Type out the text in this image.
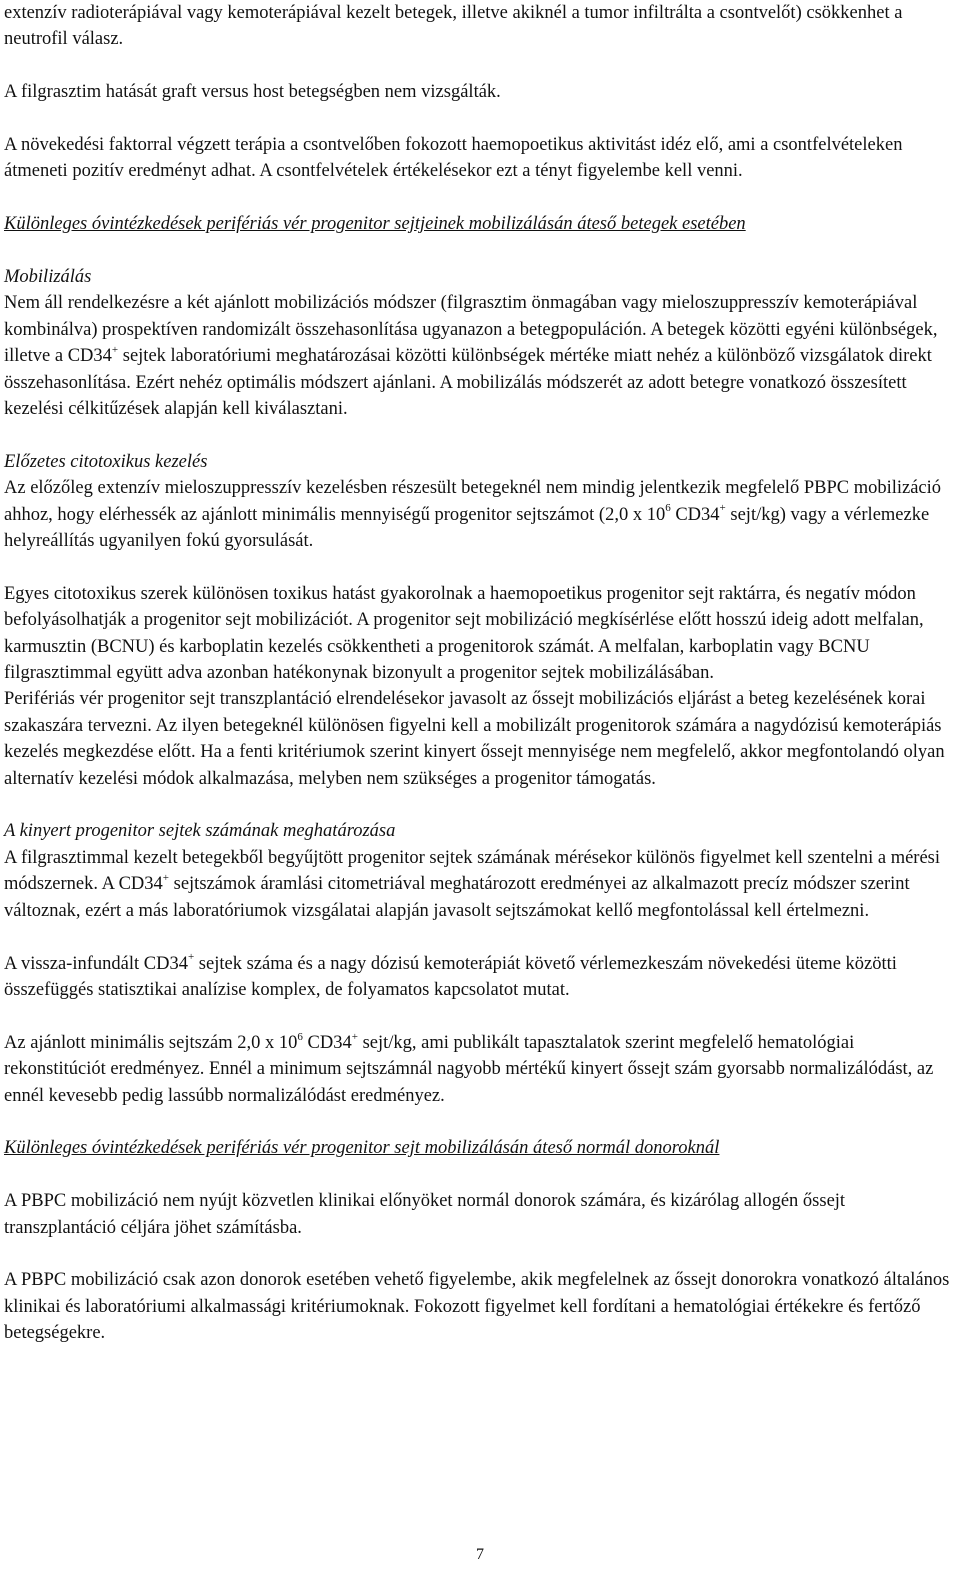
extenzív radioterápiával vagy kemoterápiával kezelt betegek, illetve akiknél a tumor infiltrálta a csontvelőt) csökkenhet a neutrofil válasz.

A filgrasztim hatását graft versus host betegségben nem vizsgálták.

A növekedési faktorral végzett terápia a csontvelőben fokozott haemopoetikus aktivitást idéz elő, ami a csontfelvételeken átmeneti pozitív eredményt adhat. A csontfelvételek értékelésekor ezt a tényt figyelembe kell venni.

Különleges óvintézkedések perifériás vér progenitor sejtjeinek mobilizálásán áteső betegek esetében

Mobilizálás

Nem áll rendelkezésre a két ajánlott mobilizációs módszer (filgrasztim önmagában vagy mieloszuppresszív kemoterápiával kombinálva) prospektíven randomizált összehasonlítása ugyanazon a betegpopuláción. A betegek közötti egyéni különbségek, illetve a CD34+ sejtek laboratóriumi meghatározásai közötti különbségek mértéke miatt nehéz a különböző vizsgálatok direkt összehasonlítása. Ezért nehéz optimális módszert ajánlani. A mobilizálás módszerét az adott betegre vonatkozó összesített kezelési célkitűzések alapján kell kiválasztani.

Előzetes citotoxikus kezelés

Az előzőleg extenzív mieloszuppresszív kezelésben részesült betegeknél nem mindig jelentkezik megfelelő PBPC mobilizáció ahhoz, hogy elérhessék az ajánlott minimális mennyiségű progenitor sejtszámot (2,0 x $10^6$ CD34+ sejt/kg) vagy a vérlemezke helyreállítás ugyanilyen fokú gyorsulását.

Egyes citotoxikus szerek különösen toxikus hatást gyakorolnak a haemopoetikus progenitor sejt raktárra, és negatív módon befolyásolhatják a progenitor sejt mobilizációt. A progenitor sejt mobilizáció megkísérlése előtt hosszú ideig adott melfalan, karmusztin (BCNU) és karboplatin kezelés csökkentheti a progenitorok számát. A melfalan, karboplatin vagy BCNU filgrasztimmal együtt adva azonban hatékonynak bizonyult a progenitor sejtek mobilizálásában.

Perifériás vér progenitor sejt transzplantáció elrendelésekor javasolt az őssejt mobilizációs eljárást a beteg kezelésének korai szakaszára tervezni. Az ilyen betegeknél különösen figyelni kell a mobilizált progenitorok számára a nagydózisú kemoterápiás kezelés megkezdése előtt. Ha a fenti kritériumok szerint kinyert őssejt mennyisége nem megfelelő, akkor megfontolandó olyan alternatív kezelési módok alkalmazása, melyben nem szükséges a progenitor támogatás.

A kinyert progenitor sejtek számának meghatározása

A filgrasztimmal kezelt betegekből begyűjtött progenitor sejtek számának mérésekor különös figyelmet kell szentelni a mérési módszernek. A CD34+ sejtszámok áramlási citometriával meghatározott eredményei az alkalmazott precíz módszer szerint változnak, ezért a más laboratóriumok vizsgálatai alapján javasolt sejtszámokat kellő megfontolással kell értelmezni.

A vissza-infundált CD34+ sejtek száma és a nagy dózisú kemoterápiát követő vérlemezkeszám növekedési üteme közötti összefüggés statisztikai analízise komplex, de folyamatos kapcsolatot mutat.

Az ajánlott minimális sejtszám 2,0 x $10^6$ CD34+ sejt/kg, ami publikált tapasztalatok szerint megfelelő hematológiai rekonstitúciót eredményez. Ennél a minimum sejtszámnál nagyobb mértékű kinyert őssejt szám gyorsabb normalizálódást, az ennél kevesebb pedig lassúbb normalizálódást eredményez.

Különleges óvintézkedések perifériás vér progenitor sejt mobilizálásán áteső normál donoroknál

A PBPC mobilizáció nem nyújt közvetlen klinikai előnyöket normál donorok számára, és kizárólag allogén őssejt transzplantáció céljára jöhet számításba.

A PBPC mobilizáció csak azon donorok esetében vehető figyelembe, akik megfelelnek az őssejt donorokra vonatkozó általános klinikai és laboratóriumi alkalmassági kritériumoknak. Fokozott figyelmet kell fordítani a hematológiai értékekre és fertőző betegségekre.

7
